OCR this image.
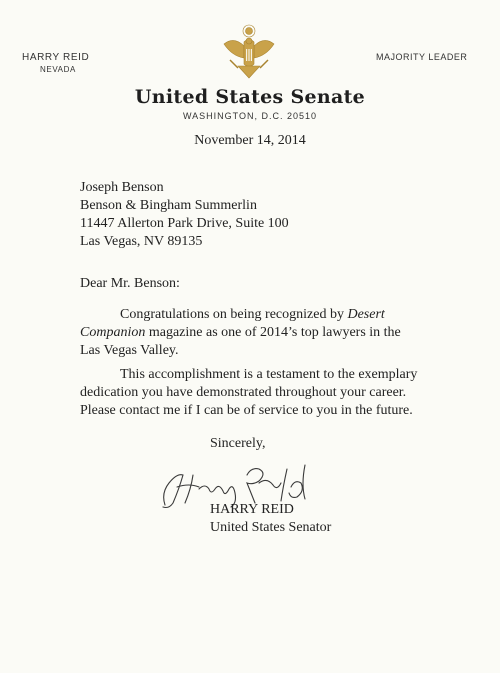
HARRY REID
NEVADA
MAJORITY LEADER
United States Senate
WASHINGTON, D.C. 20510
November 14, 2014
Joseph Benson
Benson & Bingham Summerlin
11447 Allerton Park Drive, Suite 100
Las Vegas, NV 89135
Dear Mr. Benson:
Congratulations on being recognized by Desert Companion magazine as one of 2014’s top lawyers in the Las Vegas Valley.
This accomplishment is a testament to the exemplary dedication you have demonstrated throughout your career. Please contact me if I can be of service to you in the future.
Sincerely,
HARRY REID
United States Senator
